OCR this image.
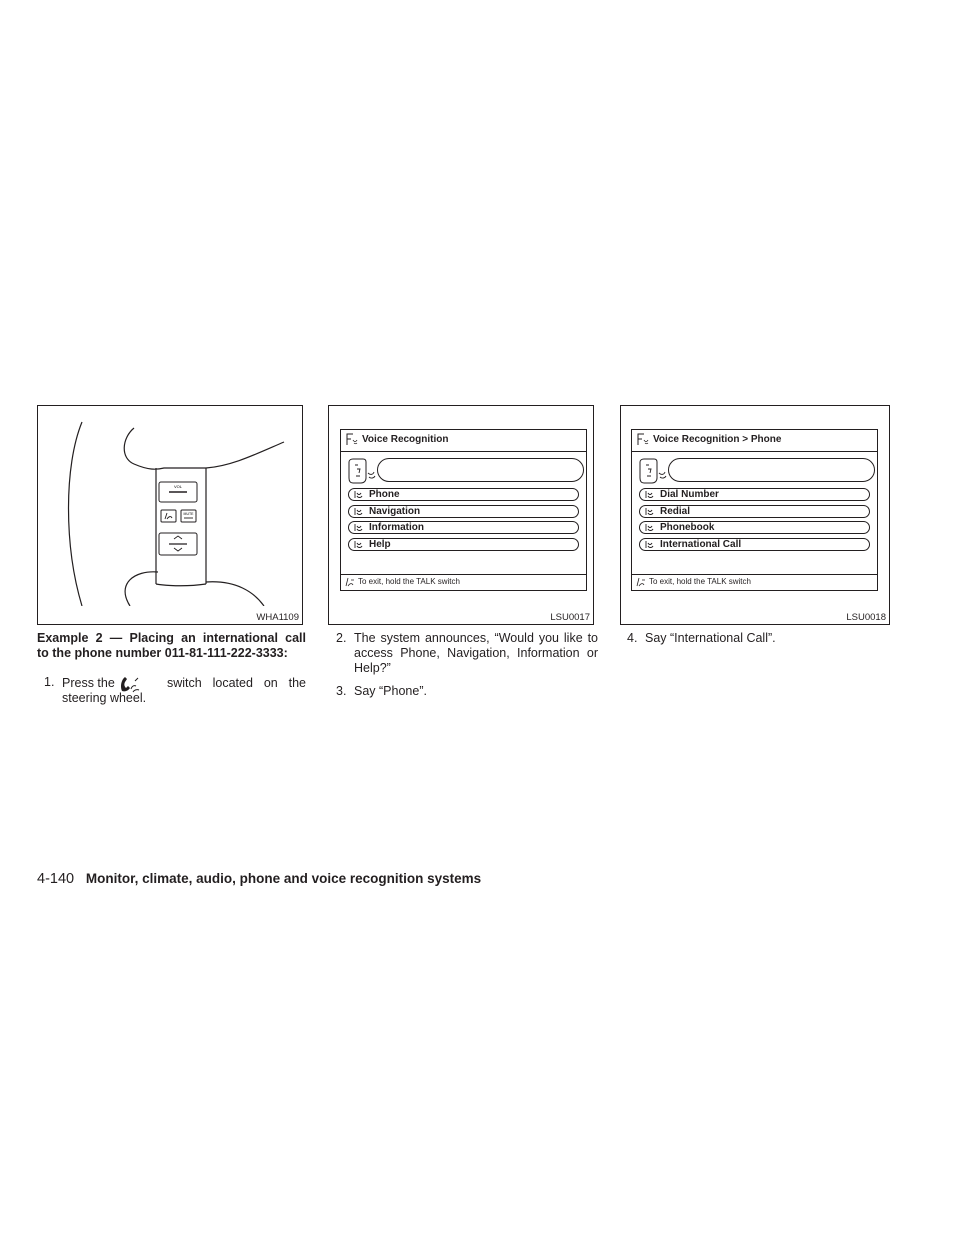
VOL
MUTE
WHA1109
Voice Recognition
Phone
Navigation
Information
Help
To exit, hold the TALK switch
LSU0017
Voice Recognition > Phone
Dial Number
Redial
Phonebook
International Call
To exit, hold the TALK switch
LSU0018
Example 2 — Placing an international call
to the phone number 011-81-111-222-3333:
1. Press the	switch located on the steering wheel.
2. The system announces, “Would you like to access Phone, Navigation, Information or Help?”
3. Say “Phone”.
4. Say “International Call”.
4-140 Monitor, climate, audio, phone and voice recognition systems
